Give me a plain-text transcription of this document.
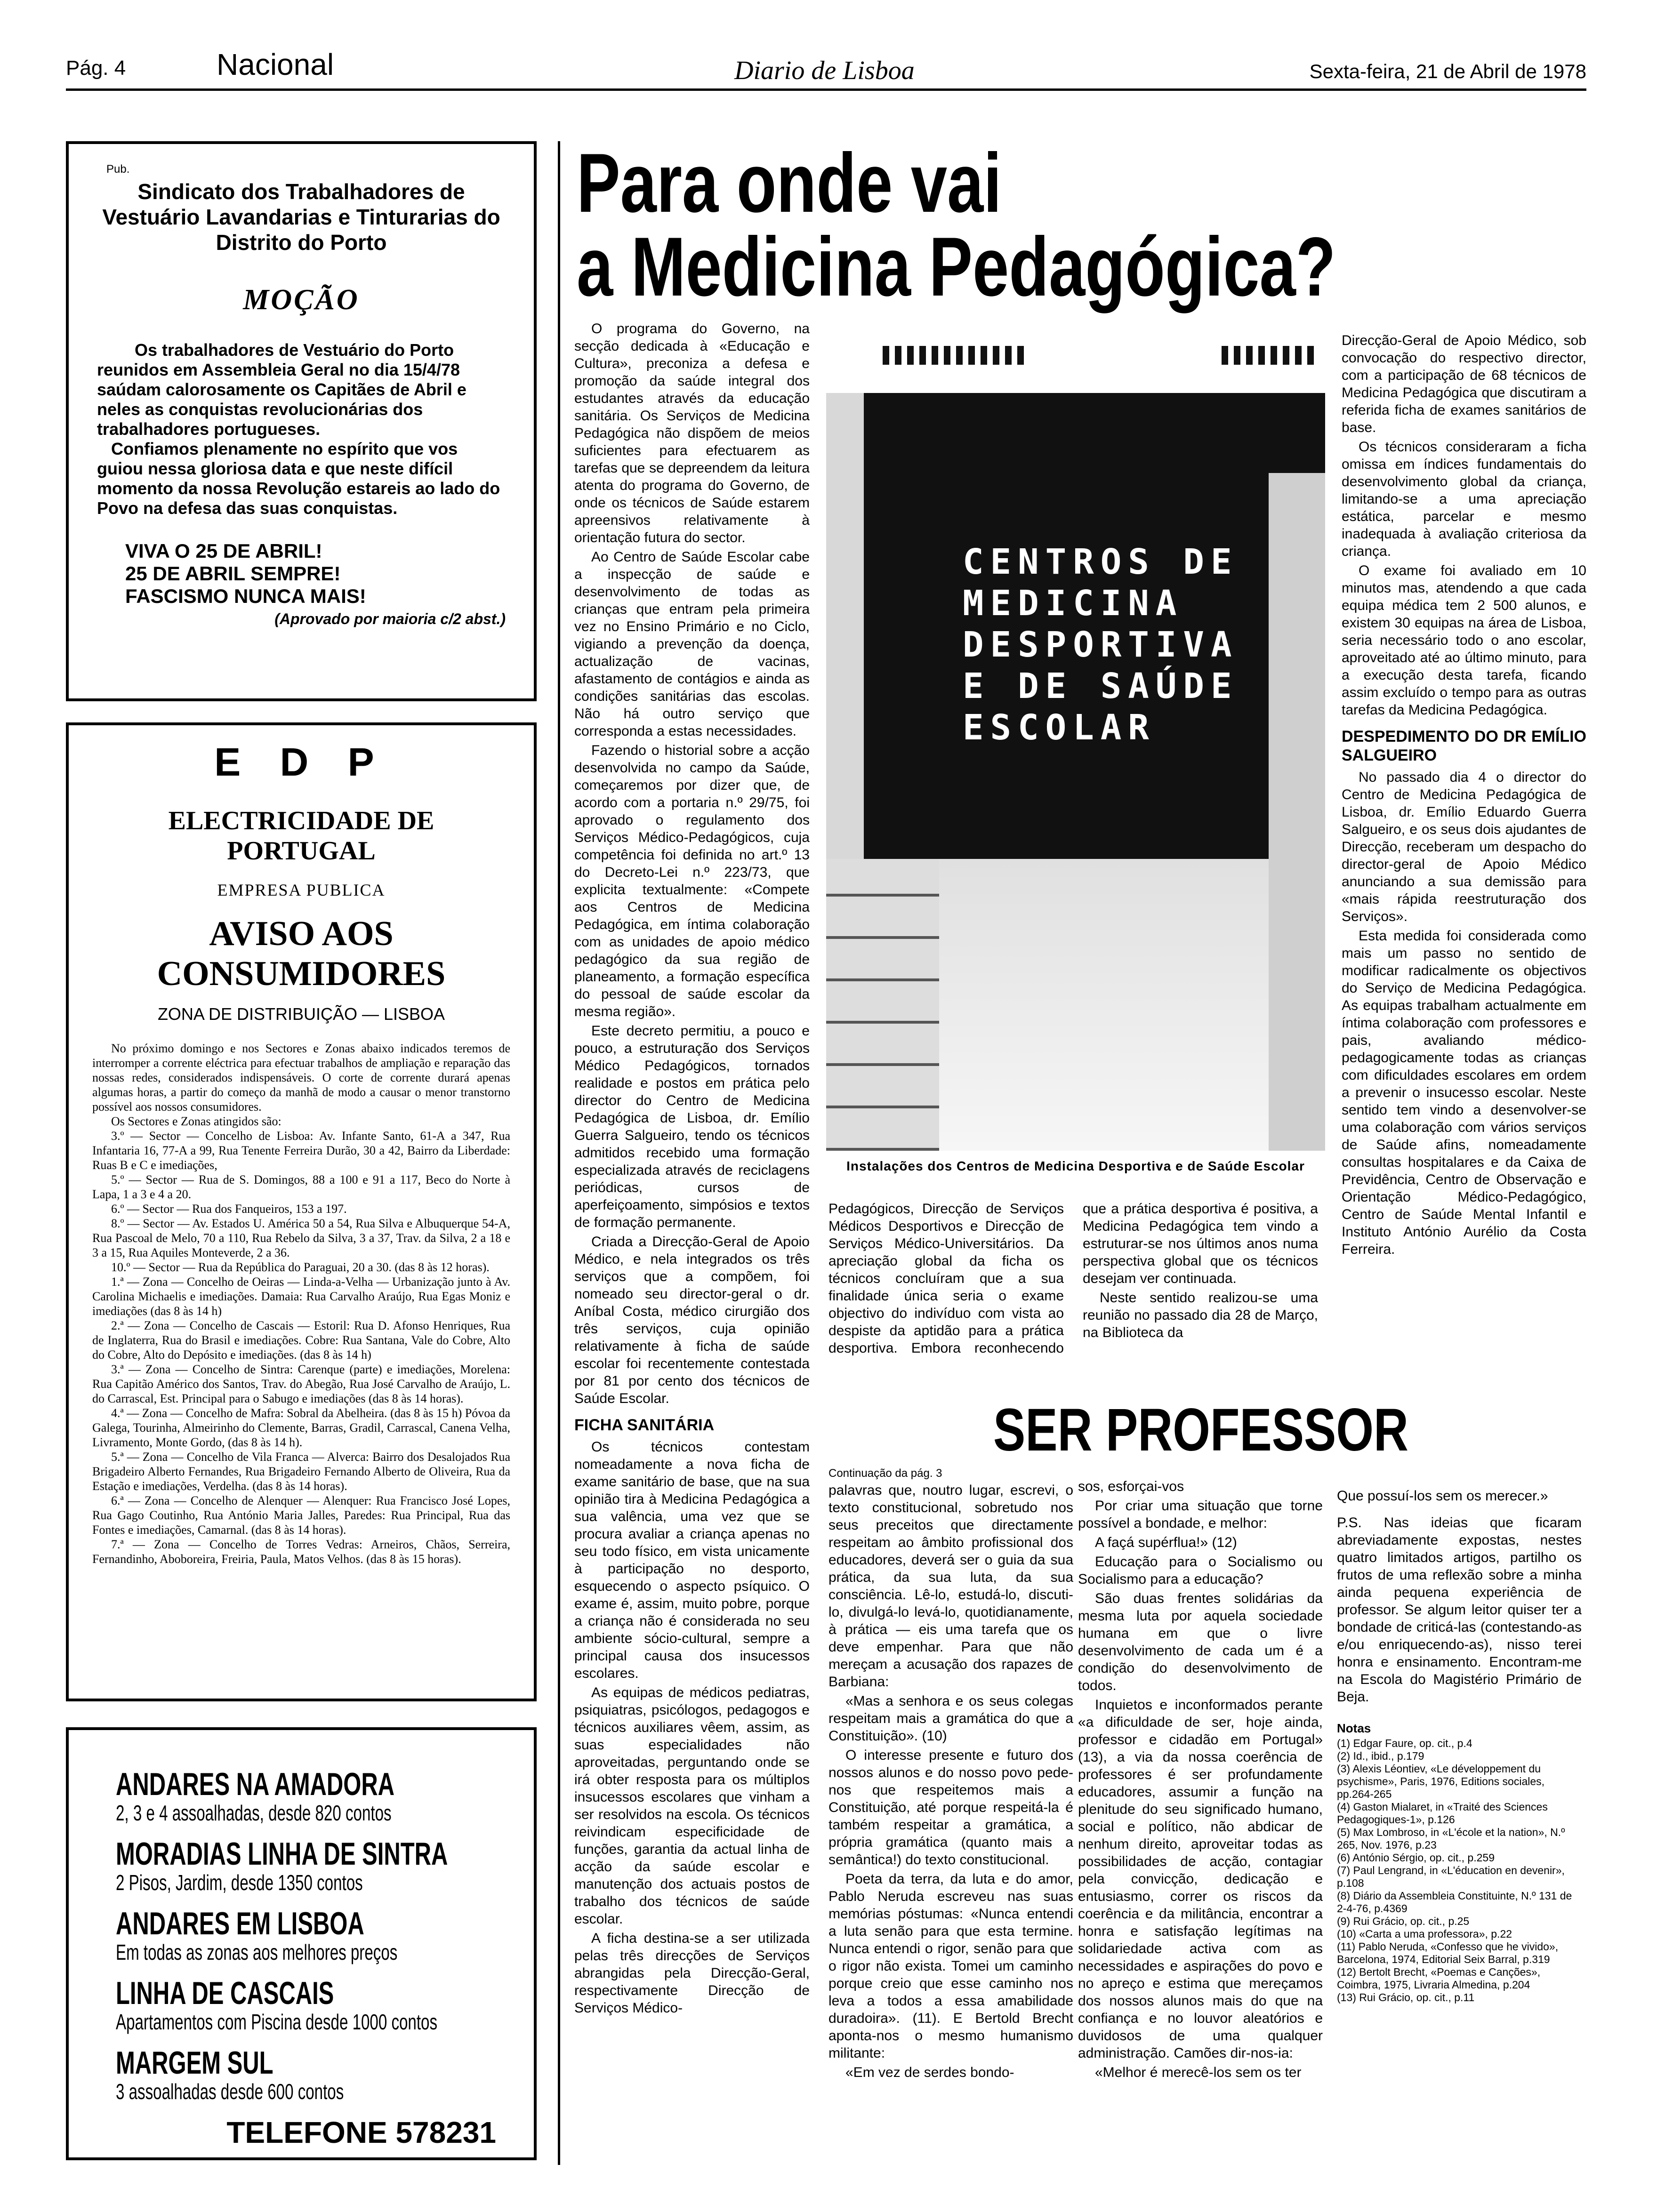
Pág. 4	Nacional	Diario de Lisboa	Sexta-feira, 21 de Abril de 1978
Pub.
Sindicato dos Trabalhadores de Vestuário Lavandarias e Tinturarias do Distrito do Porto
MOÇÃO
Os trabalhadores de Vestuário do Porto reunidos em Assembleia Geral no dia 15/4/78 saúdam calorosamente os Capitães de Abril e neles as conquistas revolucionárias dos trabalhadores portugueses.
Confiamos plenamente no espírito que vos guiou nessa gloriosa data e que neste difícil momento da nossa Revolução estareis ao lado do Povo na defesa das suas conquistas.
VIVA O 25 DE ABRIL!
25 DE ABRIL SEMPRE!
FASCISMO NUNCA MAIS!
(Aprovado por maioria c/2 abst.)
E D P
ELECTRICIDADE DE PORTUGAL
EMPRESA PUBLICA
AVISO AOS CONSUMIDORES
ZONA DE DISTRIBUIÇÃO — LISBOA
No próximo domingo e nos Sectores e Zonas abaixo indicados teremos de interromper a corrente eléctrica para efectuar trabalhos de ampliação e reparação das nossas redes, considerados indispensáveis. O corte de corrente durará apenas algumas horas, a partir do começo da manhã de modo a causar o menor transtorno possível aos nossos consumidores.
Os Sectores e Zonas atingidos são:
3.º — Sector — Concelho de Lisboa: Av. Infante Santo, 61-A a 347, Rua Infantaria 16, 77-A a 99, Rua Tenente Ferreira Durão, 30 a 42, Bairro da Liberdade: Ruas B e C e imediações,
5.º — Sector — Rua de S. Domingos, 88 a 100 e 91 a 117, Beco do Norte à Lapa, 1 a 3 e 4 a 20.
6.º — Sector — Rua dos Fanqueiros, 153 a 197.
8.º — Sector — Av. Estados U. América 50 a 54, Rua Silva e Albuquerque 54-A, Rua Pascoal de Melo, 70 a 110, Rua Rebelo da Silva, 3 a 37, Trav. da Silva, 2 a 18 e 3 a 15, Rua Aquiles Monteverde, 2 a 36.
10.º — Sector — Rua da República do Paraguai, 20 a 30. (das 8 às 12 horas).
1.ª — Zona — Concelho de Oeiras — Linda-a-Velha — Urbanização junto à Av. Carolina Michaelis e imediações. Damaia: Rua Carvalho Araújo, Rua Egas Moniz e imediações (das 8 às 14 h)
2.ª — Zona — Concelho de Cascais — Estoril: Rua D. Afonso Henriques, Rua de Inglaterra, Rua do Brasil e imediações. Cobre: Rua Santana, Vale do Cobre, Alto do Cobre, Alto do Depósito e imediações. (das 8 às 14 h)
3.ª — Zona — Concelho de Sintra: Carenque (parte) e imediações, Morelena: Rua Capitão Américo dos Santos, Trav. do Abegão, Rua José Carvalho de Araújo, L. do Carrascal, Est. Principal para o Sabugo e imediações (das 8 às 14 horas).
4.ª — Zona — Concelho de Mafra: Sobral da Abelheira. (das 8 às 15 h) Póvoa da Galega, Tourinha, Almeirinho do Clemente, Barras, Gradil, Carrascal, Canena Velha, Livramento, Monte Gordo, (das 8 às 14 h).
5.ª — Zona — Concelho de Vila Franca — Alverca: Bairro dos Desalojados Rua Brigadeiro Alberto Fernandes, Rua Brigadeiro Fernando Alberto de Oliveira, Rua da Estação e imediações, Verdelha. (das 8 às 14 horas).
6.ª — Zona — Concelho de Alenquer — Alenquer: Rua Francisco José Lopes, Rua Gago Coutinho, Rua António Maria Jalles, Paredes: Rua Principal, Rua das Fontes e imediações, Camarnal. (das 8 às 14 horas).
7.ª — Zona — Concelho de Torres Vedras: Arneiros, Chãos, Serreira, Fernandinho, Aboboreira, Freiria, Paula, Matos Velhos. (das 8 às 15 horas).
ANDARES NA AMADORA
2, 3 e 4 assoalhadas, desde 820 contos
MORADIAS LINHA DE SINTRA
2 Pisos, Jardim, desde 1350 contos
ANDARES EM LISBOA
Em todas as zonas aos melhores preços
LINHA DE CASCAIS
Apartamentos com Piscina desde 1000 contos
MARGEM SUL
3 assoalhadas desde 600 contos
TELEFONE 578231
Para onde vai
a Medicina Pedagógica?

O programa do Governo, na secção dedicada à «Educação e Cultura», preconiza a defesa e promoção da saúde integral dos estudantes através da educação sanitária. Os Serviços de Medicina Pedagógica não dispõem de meios suficientes para efectuarem as tarefas que se depreendem da leitura atenta do programa do Governo, de onde os técnicos de Saúde estarem apreensivos relativamente à orientação futura do sector.

Ao Centro de Saúde Escolar cabe a inspecção de saúde e desenvolvimento de todas as crianças que entram pela primeira vez no Ensino Primário e no Ciclo, vigiando a prevenção da doença, actualização de vacinas, afastamento de contágios e ainda as condições sanitárias das escolas. Não há outro serviço que corresponda a estas necessidades.

Fazendo o historial sobre a acção desenvolvida no campo da Saúde, começaremos por dizer que, de acordo com a portaria n.º 29/75, foi aprovado o regulamento dos Serviços Médico-Pedagógicos, cuja competência foi definida no art.º 13 do Decreto-Lei n.º 223/73, que explicita textualmente: «Compete aos Centros de Medicina Pedagógica, em íntima colaboração com as unidades de apoio médico pedagógico da sua região de planeamento, a formação específica do pessoal de saúde escolar da mesma região».

Este decreto permitiu, a pouco e pouco, a estruturação dos Serviços Médico Pedagógicos, tornados realidade e postos em prática pelo director do Centro de Medicina Pedagógica de Lisboa, dr. Emílio Guerra Salgueiro, tendo os técnicos admitidos recebido uma formação especializada através de reciclagens periódicas, cursos de aperfeiçoamento, simpósios e textos de formação permanente.

Criada a Direcção-Geral de Apoio Médico, e nela integrados os três serviços que a compõem, foi nomeado seu director-geral o dr. Aníbal Costa, médico cirurgião dos três serviços, cuja opinião relativamente à ficha de saúde escolar foi recentemente contestada por 81 por cento dos técnicos de Saúde Escolar.

FICHA SANITÁRIA

Os técnicos contestam nomeadamente a nova ficha de exame sanitário de base, que na sua opinião tira à Medicina Pedagógica a sua valência, uma vez que se procura avaliar a criança apenas no seu todo físico, em vista unicamente à participação no desporto, esquecendo o aspecto psíquico. O exame é, assim, muito pobre, porque a criança não é considerada no seu ambiente sócio-cultural, sempre a principal causa dos insucessos escolares.

As equipas de médicos pediatras, psiquiatras, psicólogos, pedagogos e técnicos auxiliares vêem, assim, as suas especialidades não aproveitadas, perguntando onde se irá obter resposta para os múltiplos insucessos escolares que vinham a ser resolvidos na escola. Os técnicos reivindicam especificidade de funções, garantia da actual linha de acção da saúde escolar e manutenção dos actuais postos de trabalho dos técnicos de saúde escolar.

A ficha destina-se a ser utilizada pelas três direcções de Serviços abrangidas pela Direcção-Geral, respectivamente Direcção de Serviços Médico-

CENTROS DE
MEDICINA
DESPORTIVA
E DE SAÚDE
ESCOLAR
Instalações dos Centros de Medicina Desportiva e de Saúde Escolar

Pedagógicos, Direcção de Serviços Médicos Desportivos e Direcção de Serviços Médico-Universitários. Da apreciação global da ficha os técnicos concluíram que a sua finalidade única seria o exame objectivo do indivíduo com vista ao despiste da aptidão para a prática desportiva. Embora reconhecendo que a prática desportiva é positiva, a Medicina Pedagógica tem vindo a estruturar-se nos últimos anos numa perspectiva global que os técnicos desejam ver continuada.

Neste sentido realizou-se uma reunião no passado dia 28 de Março, na Biblioteca da

Direcção-Geral de Apoio Médico, sob convocação do respectivo director, com a participação de 68 técnicos de Medicina Pedagógica que discutiram a referida ficha de exames sanitários de base.

Os técnicos consideraram a ficha omissa em índices fundamentais do desenvolvimento global da criança, limitando-se a uma apreciação estática, parcelar e mesmo inadequada à avaliação criteriosa da criança.

O exame foi avaliado em 10 minutos mas, atendendo a que cada equipa médica tem 2 500 alunos, e existem 30 equipas na área de Lisboa, seria necessário todo o ano escolar, aproveitado até ao último minuto, para a execução desta tarefa, ficando assim excluído o tempo para as outras tarefas da Medicina Pedagógica.

DESPEDIMENTO DO DR EMÍLIO SALGUEIRO

No passado dia 4 o director do Centro de Medicina Pedagógica de Lisboa, dr. Emílio Eduardo Guerra Salgueiro, e os seus dois ajudantes de Direcção, receberam um despacho do director-geral de Apoio Médico anunciando a sua demissão para «mais rápida reestruturação dos Serviços».

Esta medida foi considerada como mais um passo no sentido de modificar radicalmente os objectivos do Serviço de Medicina Pedagógica. As equipas trabalham actualmente em íntima colaboração com professores e pais, avaliando médico-pedagogicamente todas as crianças com dificuldades escolares em ordem a prevenir o insucesso escolar. Neste sentido tem vindo a desenvolver-se uma colaboração com vários serviços de Saúde afins, nomeadamente consultas hospitalares e da Caixa de Previdência, Centro de Observação e Orientação Médico-Pedagógico, Centro de Saúde Mental Infantil e Instituto António Aurélio da Costa Ferreira.

SER PROFESSOR
Continuação da pág. 3

palavras que, noutro lugar, escrevi, o texto constitucional, sobretudo nos seus preceitos que directamente respeitam ao âmbito profissional dos educadores, deverá ser o guia da sua prática, da sua luta, da sua consciência. Lê-lo, estudá-lo, discuti-lo, divulgá-lo levá-lo, quotidianamente, à prática — eis uma tarefa que os deve empenhar. Para que não mereçam a acusação dos rapazes de Barbiana:

«Mas a senhora e os seus colegas respeitam mais a gramática do que a Constituição». (10)

O interesse presente e futuro dos nossos alunos e do nosso povo pede-nos que respeitemos mais a Constituição, até porque respeitá-la é também respeitar a gramática, a própria gramática (quanto mais a semântica!) do texto constitucional.

Poeta da terra, da luta e do amor, Pablo Neruda escreveu nas suas memórias póstumas: «Nunca entendi a luta senão para que esta termine. Nunca entendi o rigor, senão para que o rigor não exista. Tomei um caminho porque creio que esse caminho nos leva a todos a essa amabilidade duradoira». (11). E Bertold Brecht aponta-nos o mesmo humanismo militante:

«Em vez de serdes bondo-

sos, esforçai-vos

Por criar uma situação que torne possível a bondade, e melhor:

A façá supérflua!» (12)

Educação para o Socialismo ou Socialismo para a educação?

São duas frentes solidárias da mesma luta por aquela sociedade humana em que o livre desenvolvimento de cada um é a condição do desenvolvimento de todos.

Inquietos e inconformados perante «a dificuldade de ser, hoje ainda, professor e cidadão em Portugal» (13), a via da nossa coerência de professores é ser profundamente educadores, assumir a função na plenitude do seu significado humano, social e político, não abdicar de nenhum direito, aproveitar todas as possibilidades de acção, contagiar pela convicção, dedicação e entusiasmo, correr os riscos da coerência e da militância, encontrar a honra e satisfação legítimas na solidariedade activa com as necessidades e aspirações do povo e no apreço e estima que mereçamos dos nossos alunos mais do que na confiança e no louvor aleatórios e duvidosos de uma qualquer administração. Camões dir-nos-ia:

«Melhor é merecê-los sem os ter

Que possuí-los sem os merecer.»

P.S. Nas ideias que ficaram abreviadamente expostas, nestes quatro limitados artigos, partilho os frutos de uma reflexão sobre a minha ainda pequena experiência de professor. Se algum leitor quiser ter a bondade de criticá-las (contestando-as e/ou enriquecendo-as), nisso terei honra e ensinamento. Encontram-me na Escola do Magistério Primário de Beja.

Notas
(1) Edgar Faure, op. cit., p.4
(2) Id., ibid., p.179
(3) Alexis Léontiev, «Le développement du psychisme», Paris, 1976, Editions sociales, pp.264-265
(4) Gaston Mialaret, in «Traité des Sciences Pedagogiques-1», p.126
(5) Max Lombroso, in «L'école et la nation», N.º 265, Nov. 1976, p.23
(6) António Sérgio, op. cit., p.259
(7) Paul Lengrand, in «L'éducation en devenir», p.108
(8) Diário da Assembleia Constituinte, N.º 131 de 2-4-76, p.4369
(9) Rui Grácio, op. cit., p.25
(10) «Carta a uma professora», p.22
(11) Pablo Neruda, «Confesso que he vivido», Barcelona, 1974, Editorial Seix Barral, p.319
(12) Bertolt Brecht, «Poemas e Canções», Coimbra, 1975, Livraria Almedina, p.204
(13) Rui Grácio, op. cit., p.11
